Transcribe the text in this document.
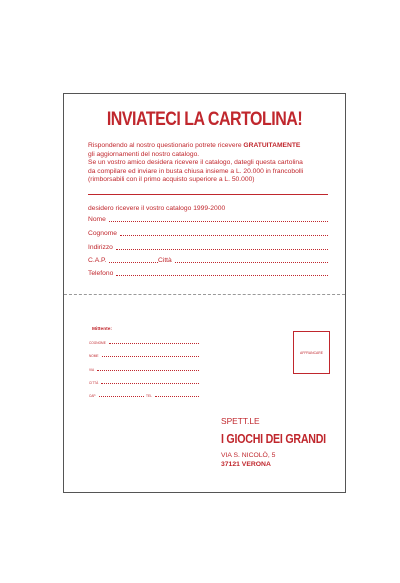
INVIATECI LA CARTOLINA!
Rispondendo al nostro questionario potrete ricevere GRATUITAMENTE
gli aggiornamenti del nostro catalogo.
Se un vostro amico desidera ricevere il catalogo, dategli questa cartolina
da compilare ed inviare in busta chiusa insieme a L. 20.000 in francobolli
(rimborsabili con il primo acquisto superiore a L. 50.000)
desidero ricevere il vostro catalogo 1999-2000
Nome
Cognome
Indirizzo
C.A.P.	Città
Telefono
Mittente:
COGNOME
NOME
VIA
CITTÀ
CAP	TEL
AFFRANCARE
SPETT.LE
I GIOCHI DEI GRANDI
VIA S. NICOLÒ, 5
37121 VERONA
